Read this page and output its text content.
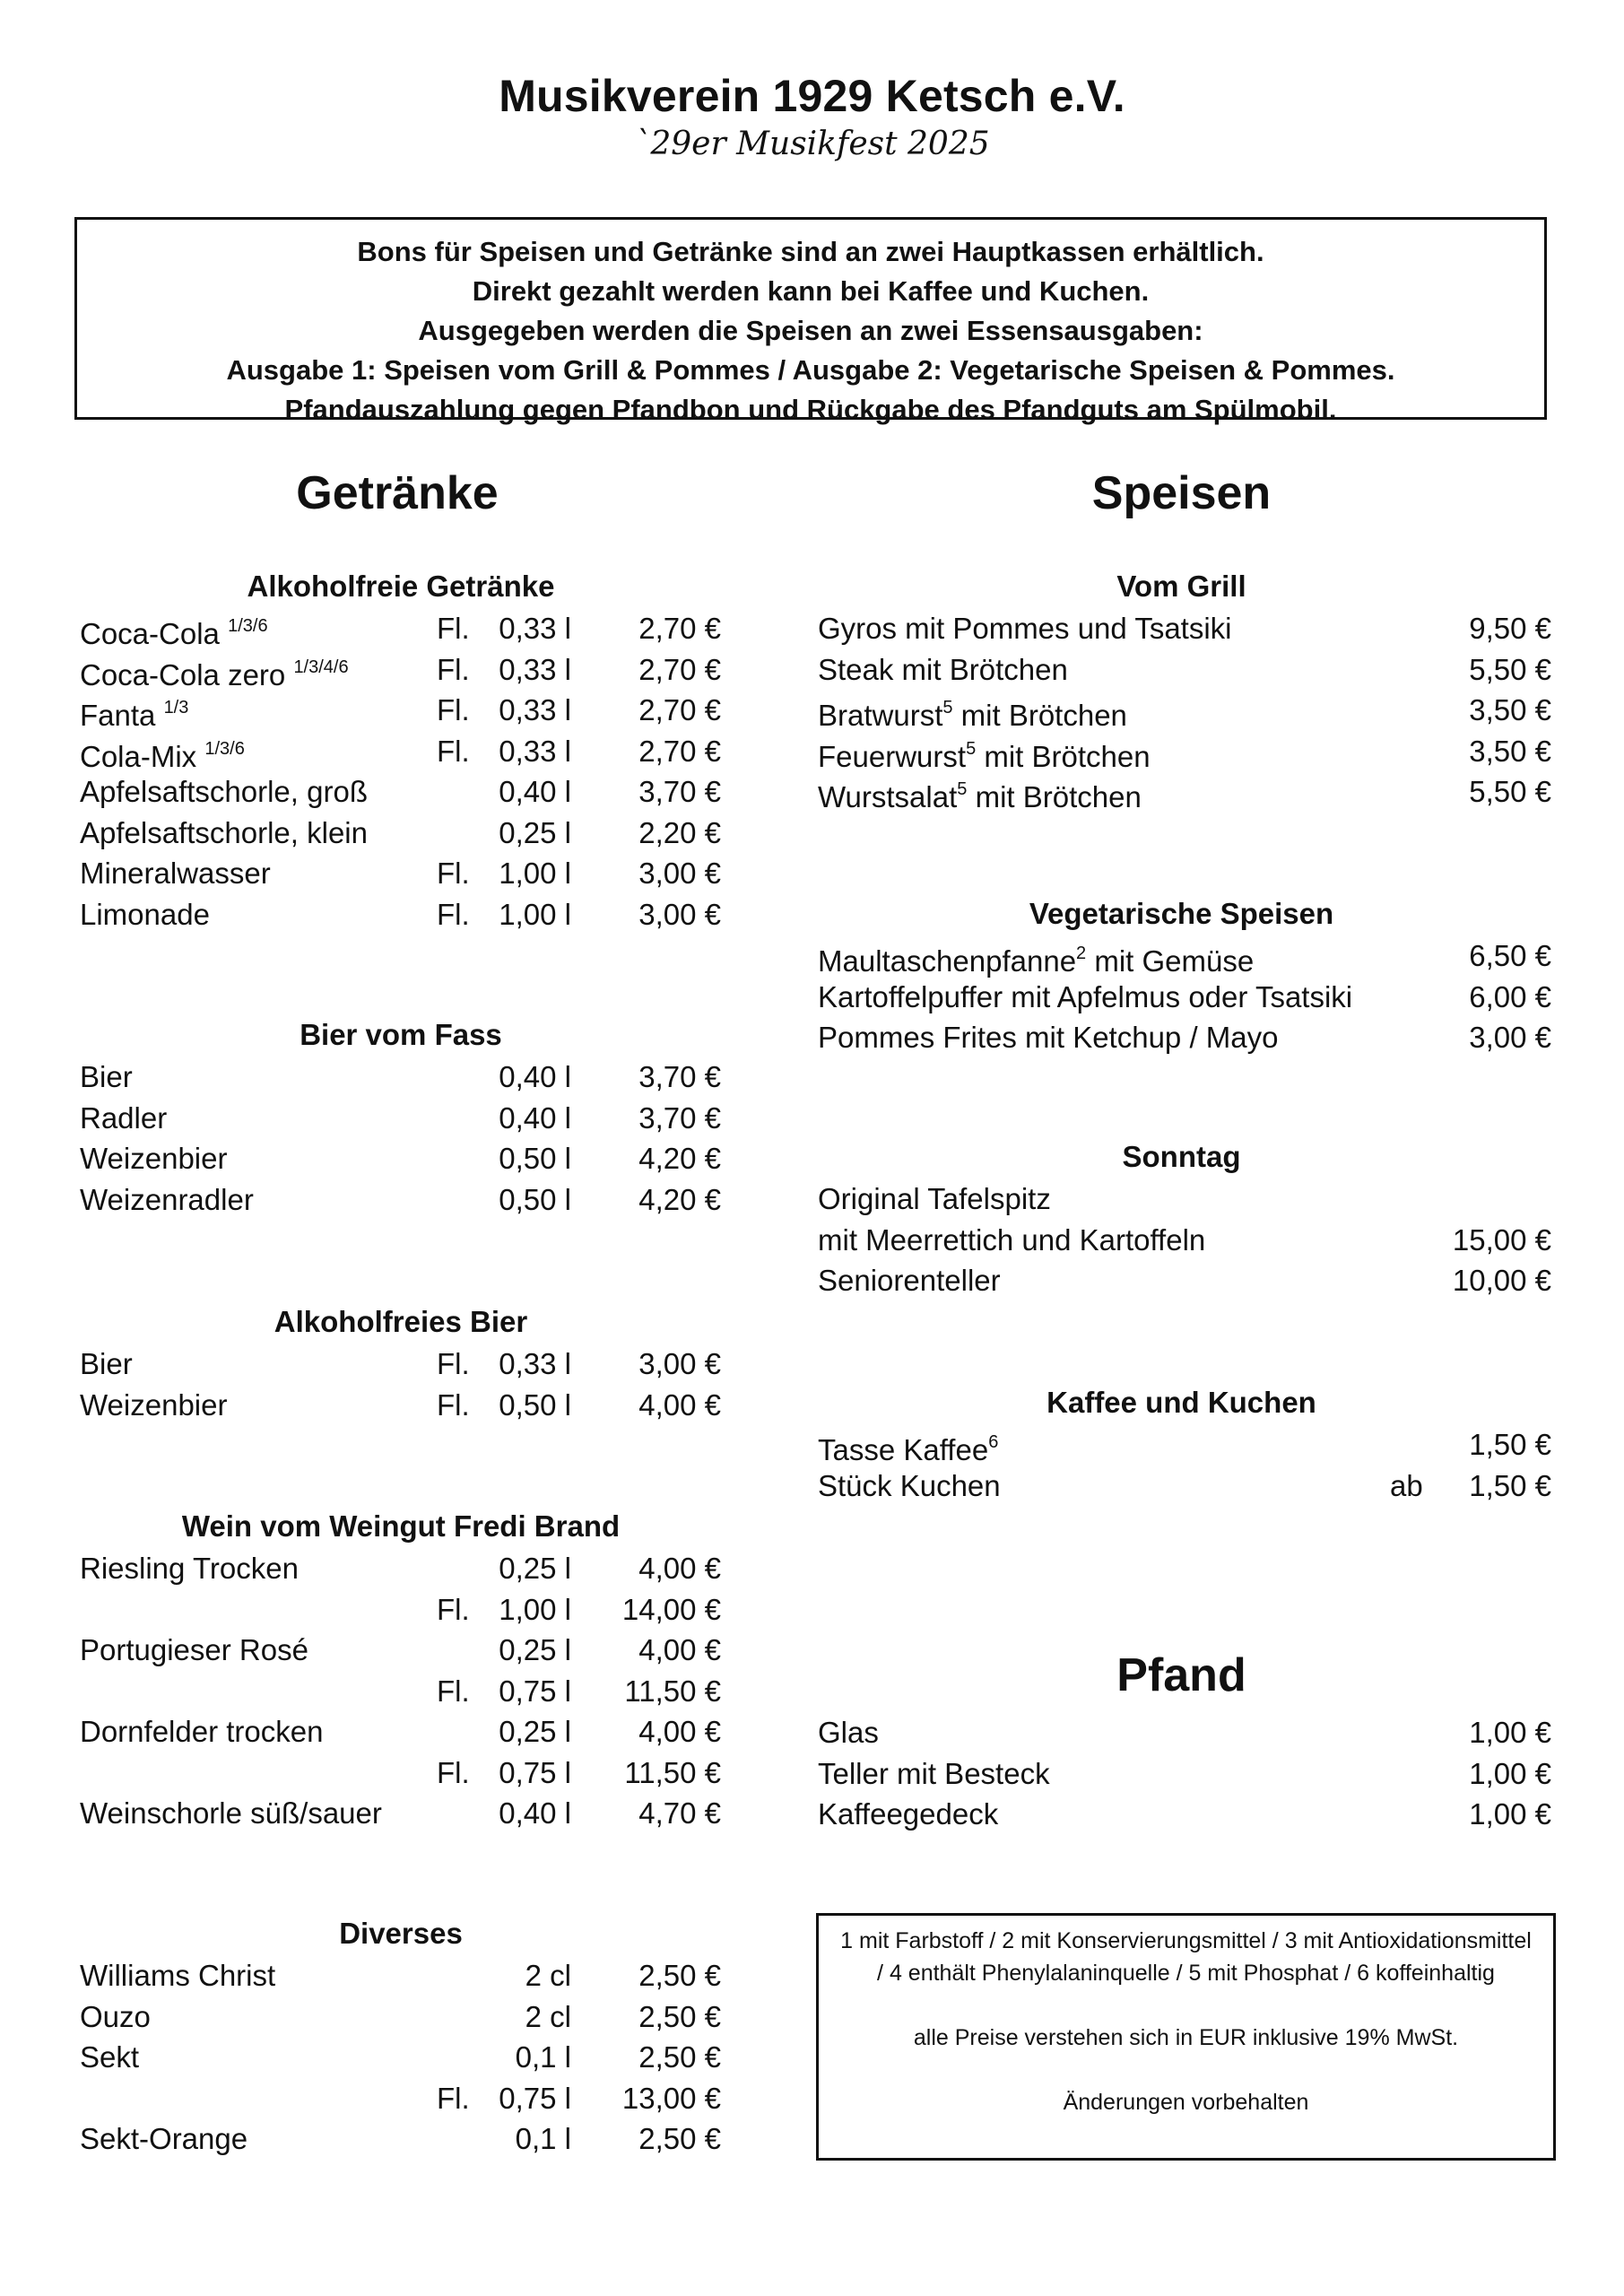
Musikverein 1929 Ketsch e.V.
`29er Musikfest 2025
Bons für Speisen und Getränke sind an zwei Hauptkassen erhältlich.
Direkt gezahlt werden kann bei Kaffee und Kuchen.
Ausgegeben werden die Speisen an zwei Essensausgaben:
Ausgabe 1: Speisen vom Grill & Pommes / Ausgabe 2: Vegetarische Speisen & Pommes.
Pfandauszahlung gegen Pfandbon und Rückgabe des Pfandguts am Spülmobil.
Getränke	Speisen
Alkoholfreie Getränke
Coca-Cola $^{1/3/6}$	Fl. 0,33 l 2,70 €
Coca-Cola zero $^{1/3/4/6}$	Fl. 0,33 l 2,70 €
Fanta $^{1/3}$	Fl. 0,33 l 2,70 €
Cola-Mix $^{1/3/6}$	Fl. 0,33 l 2,70 €
Apfelsaftschorle, groß	0,40 l 3,70 €
Apfelsaftschorle, klein	0,25 l 2,20 €
Mineralwasser	Fl. 1,00 l 3,00 €
Limonade	Fl. 1,00 l 3,00 €
Bier vom Fass
Bier	0,40 l 3,70 €
Radler	0,40 l 3,70 €
Weizenbier	0,50 l 4,20 €
Weizenradler	0,50 l 4,20 €
Alkoholfreies Bier
Bier	Fl. 0,33 l 3,00 €
Weizenbier	Fl. 0,50 l 4,00 €
Wein vom Weingut Fredi Brand
Riesling Trocken	0,25 l 4,00 €
Fl. 1,00 l 14,00 €
Portugieser Rosé	0,25 l 4,00 €
Fl. 0,75 l 11,50 €
Dornfelder trocken	0,25 l 4,00 €
Fl. 0,75 l 11,50 €
Weinschorle süß/sauer	0,40 l 4,70 €
Diverses
Williams Christ	2 cl 2,50 €
Ouzo	2 cl 2,50 €
Sekt	0,1 l 2,50 €
Fl. 0,75 l 13,00 €
Sekt-Orange	0,1 l 2,50 €
Vom Grill
Gyros mit Pommes und Tsatsiki	9,50 €
Steak mit Brötchen	5,50 €
Bratwurst$^5$ mit Brötchen	3,50 €
Feuerwurst$^5$ mit Brötchen	3,50 €
Wurstsalat$^5$ mit Brötchen	5,50 €
Vegetarische Speisen
Maultaschenpfanne$^2$ mit Gemüse	6,50 €
Kartoffelpuffer mit Apfelmus oder Tsatsiki	6,00 €
Pommes Frites mit Ketchup / Mayo	3,00 €
Sonntag
Original Tafelspitz
mit Meerrettich und Kartoffeln	15,00 €
Seniorenteller	10,00 €
Kaffee und Kuchen
Tasse Kaffee$^6$	1,50 €
Stück Kuchen	ab 1,50 €
Pfand
Glas	1,00 €
Teller mit Besteck	1,00 €
Kaffeegedeck	1,00 €
1 mit Farbstoff / 2 mit Konservierungsmittel / 3 mit Antioxidationsmittel / 4 enthält Phenylalaninquelle / 5 mit Phosphat / 6 koffeinhaltig
alle Preise verstehen sich in EUR inklusive 19% MwSt.
Änderungen vorbehalten
